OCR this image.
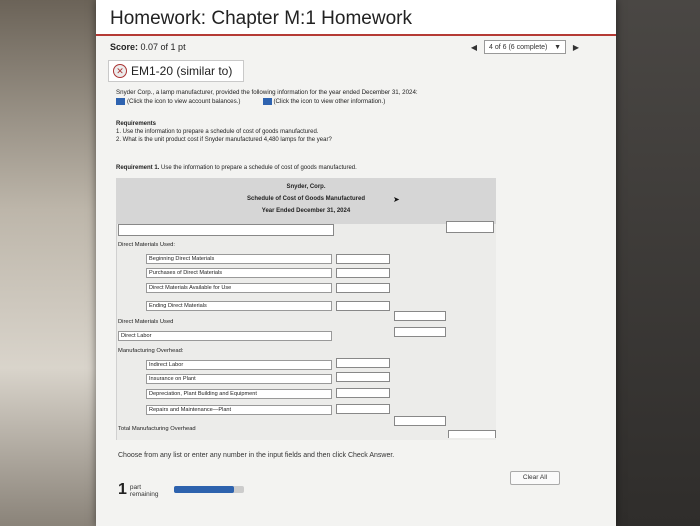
Homework: Chapter M:1 Homework
Score: 0.07 of 1 pt	◀	4 of 6 (6 complete) ▼	▶
✕ EM1-20 (similar to)
Snyder Corp., a lamp manufacturer, provided the following information for the year ended December 31, 2024:
(Click the icon to view account balances.)	(Click the icon to view other information.)
Requirements
1. Use the information to prepare a schedule of cost of goods manufactured.
2. What is the unit product cost if Snyder manufactured 4,480 lamps for the year?
Requirement 1. Use the information to prepare a schedule of cost of goods manufactured.
Snyder, Corp.
Schedule of Cost of Goods Manufactured
Year Ended December 31, 2024
➤
Direct Materials Used:
Beginning Direct Materials
Purchases of Direct Materials
Direct Materials Available for Use
Ending Direct Materials
Direct Materials Used
Direct Labor
Manufacturing Overhead:
Indirect Labor
Insurance on Plant
Depreciation, Plant Building and Equipment
Repairs and Maintenance—Plant
Total Manufacturing Overhead
Choose from any list or enter any number in the input fields and then click Check Answer.
Clear All
1 part
remaining
